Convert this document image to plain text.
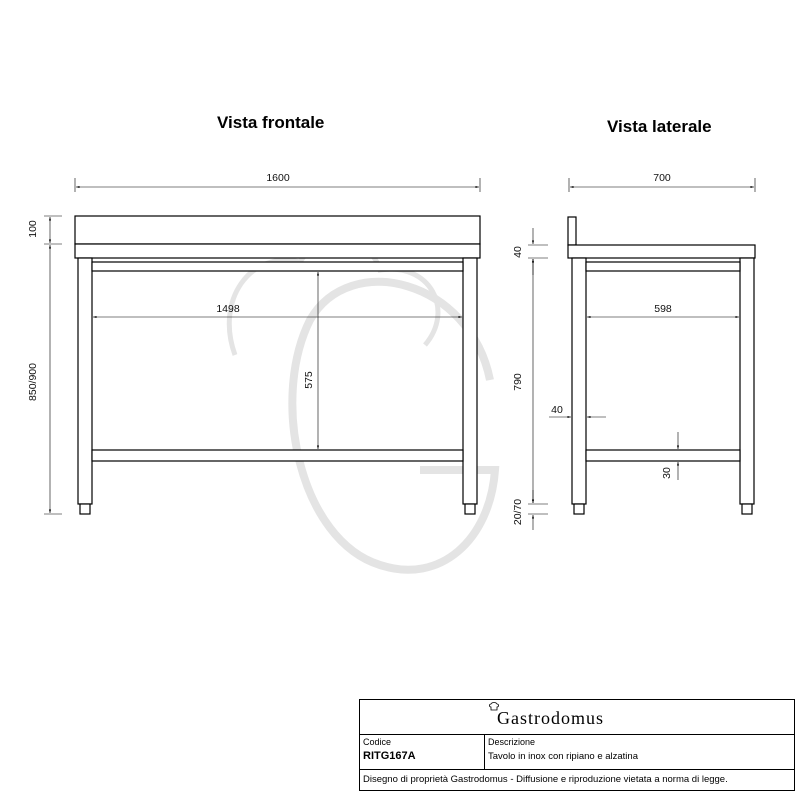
1600
1498
575
100
850/900
700
598
40
790
20/70
40
30
Vista frontale	Vista laterale
Gastrodomus
Codice
RITG167A
Descrizione
Tavolo in inox con ripiano e alzatina
Disegno di proprietà Gastrodomus - Diffusione e riproduzione vietata a norma di legge.
